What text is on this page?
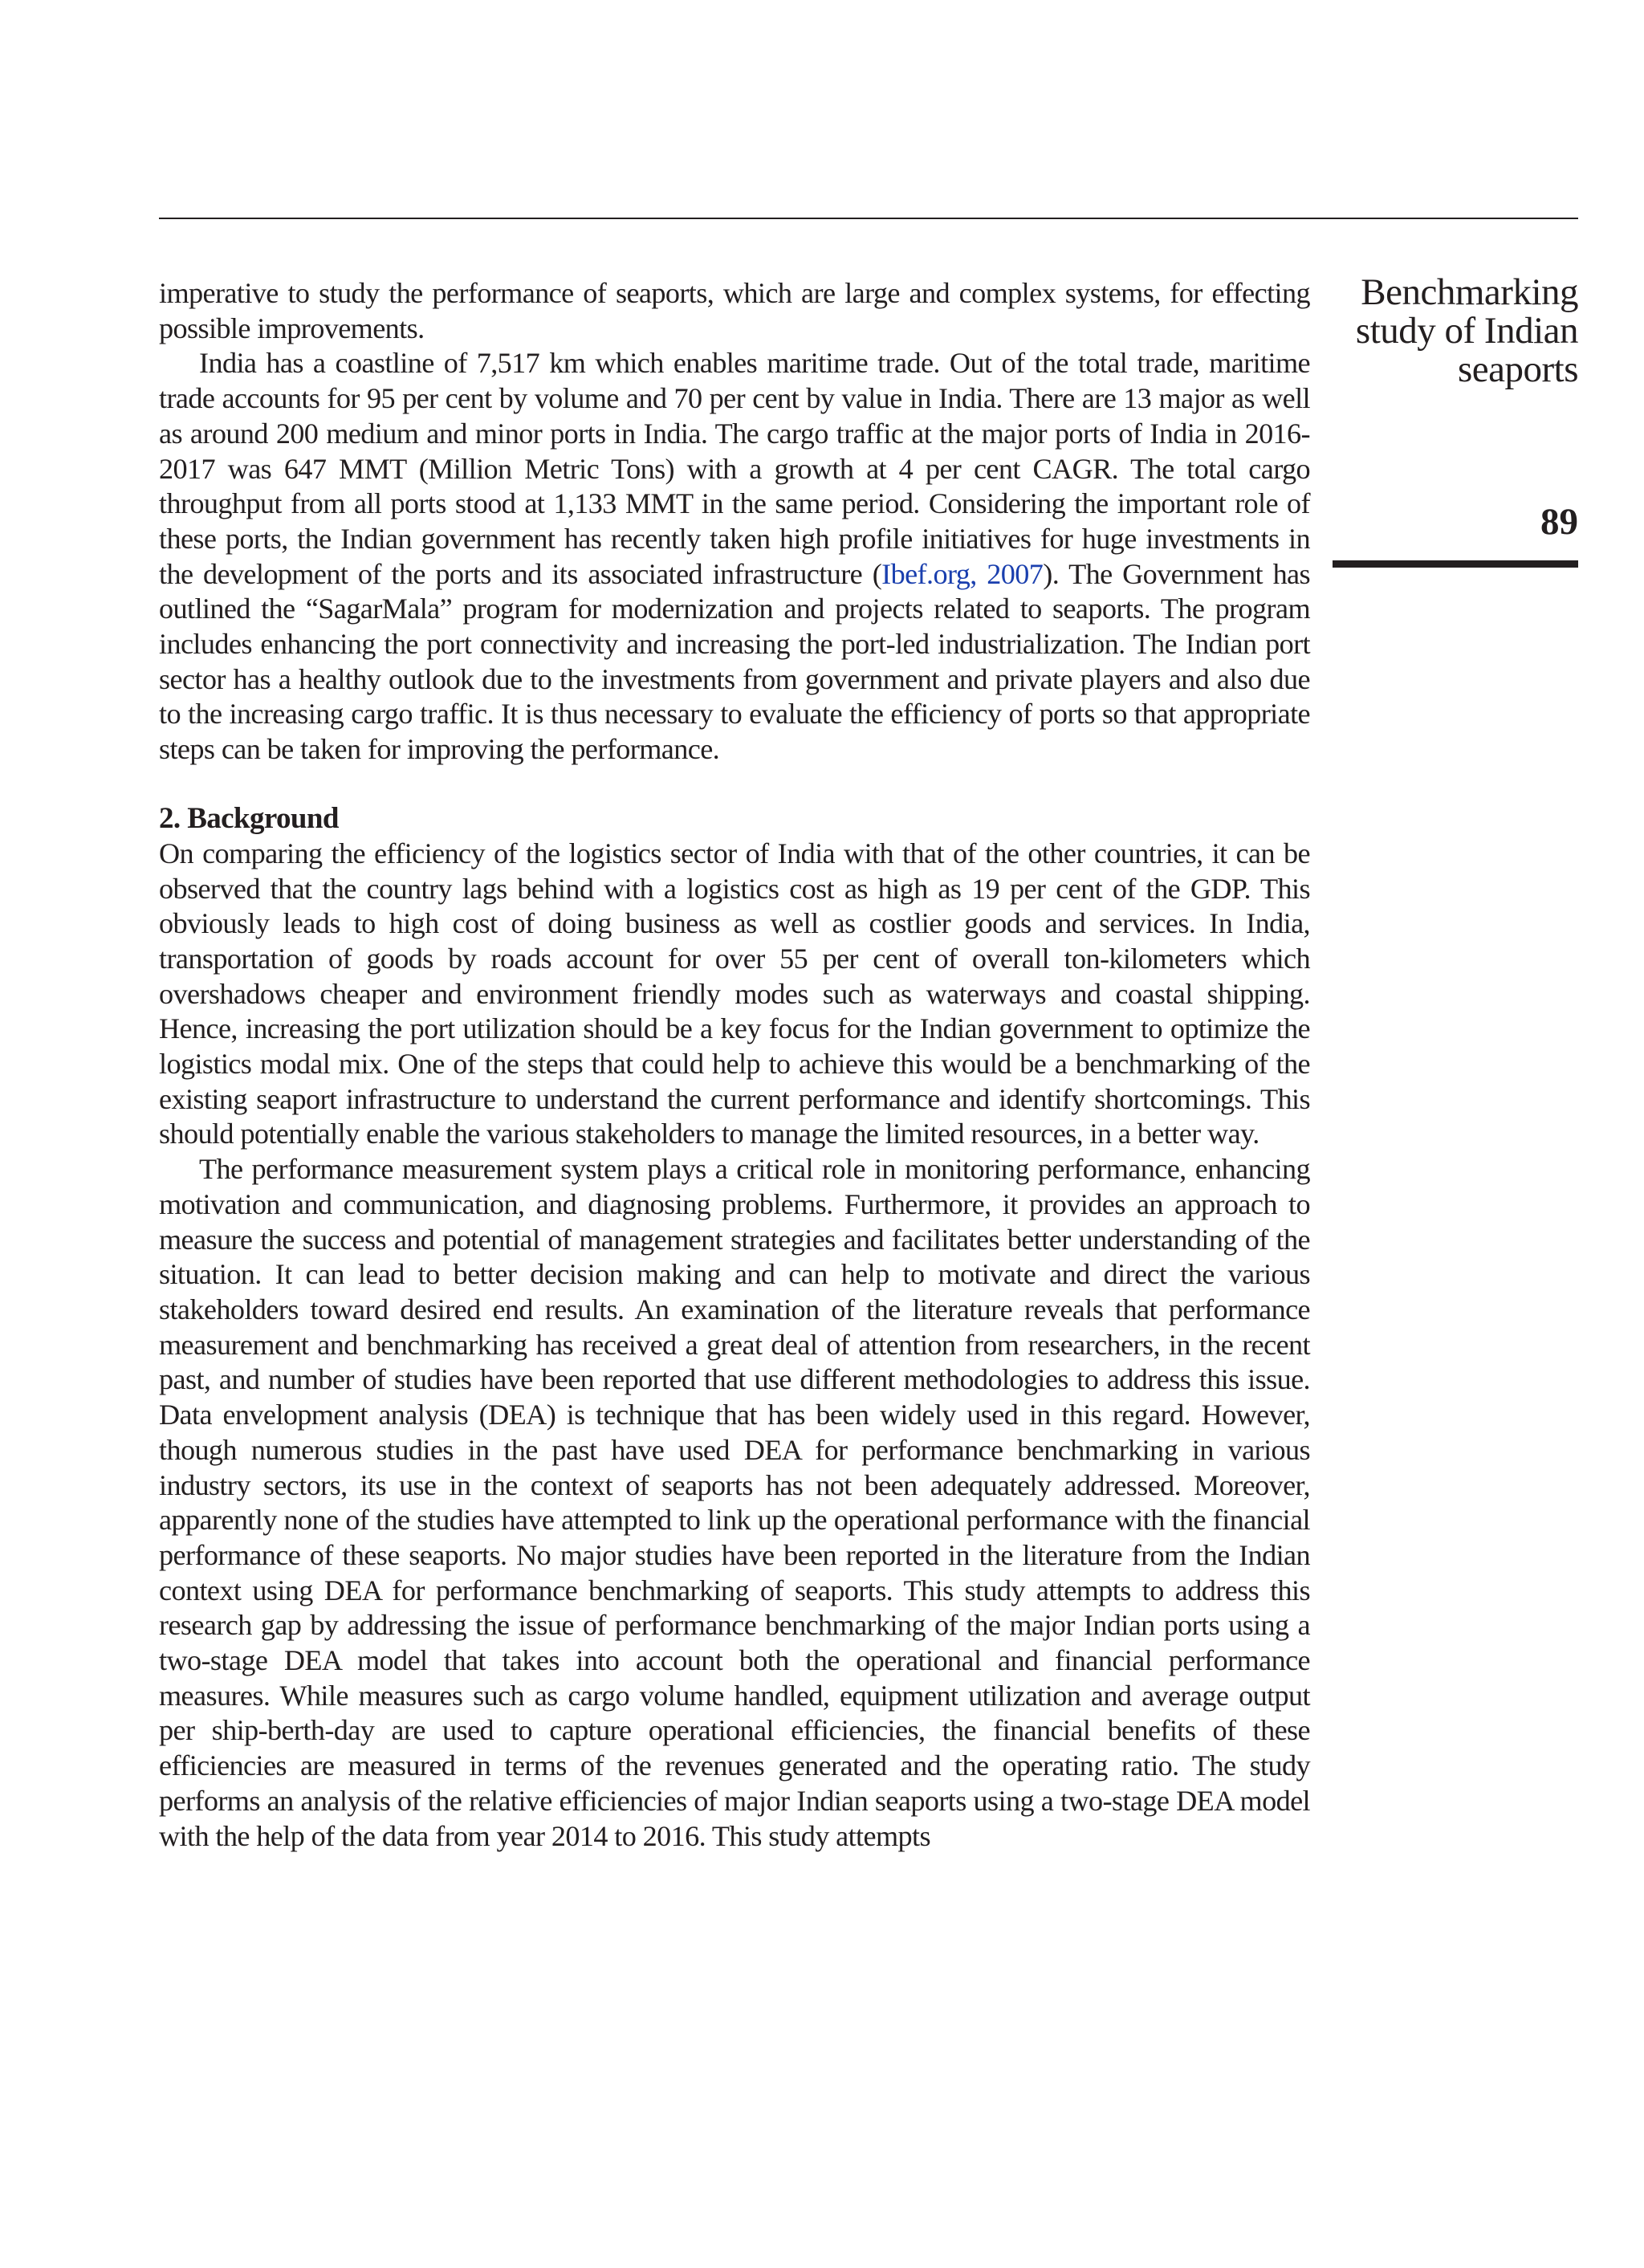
Benchmarking
study of Indian
seaports
89

imperative to study the performance of seaports, which are large and complex systems, for effecting possible improvements.

India has a coastline of 7,517 km which enables maritime trade. Out of the total trade, maritime trade accounts for 95 per cent by volume and 70 per cent by value in India. There are 13 major as well as around 200 medium and minor ports in India. The cargo traffic at the major ports of India in 2016-2017 was 647 MMT (Million Metric Tons) with a growth at 4 per cent CAGR. The total cargo throughput from all ports stood at 1,133 MMT in the same period. Considering the important role of these ports, the Indian government has recently taken high profile initiatives for huge investments in the development of the ports and its associated infrastructure (Ibef.org, 2007). The Government has outlined the “SagarMala” program for modernization and projects related to seaports. The program includes enhancing the port connectivity and increasing the port-led industrialization. The Indian port sector has a healthy outlook due to the investments from government and private players and also due to the increasing cargo traffic. It is thus necessary to evaluate the efficiency of ports so that appropriate steps can be taken for improving the performance.

2. Background

On comparing the efficiency of the logistics sector of India with that of the other countries, it can be observed that the country lags behind with a logistics cost as high as 19 per cent of the GDP. This obviously leads to high cost of doing business as well as costlier goods and services. In India, transportation of goods by roads account for over 55 per cent of overall ton-kilometers which overshadows cheaper and environment friendly modes such as waterways and coastal shipping. Hence, increasing the port utilization should be a key focus for the Indian government to optimize the logistics modal mix. One of the steps that could help to achieve this would be a benchmarking of the existing seaport infrastructure to understand the current performance and identify shortcomings. This should potentially enable the various stakeholders to manage the limited resources, in a better way.

The performance measurement system plays a critical role in monitoring performance, enhancing motivation and communication, and diagnosing problems. Furthermore, it provides an approach to measure the success and potential of management strategies and facilitates better understanding of the situation. It can lead to better decision making and can help to motivate and direct the various stakeholders toward desired end results. An examination of the literature reveals that performance measurement and benchmarking has received a great deal of attention from researchers, in the recent past, and number of studies have been reported that use different methodologies to address this issue. Data envelopment analysis (DEA) is technique that has been widely used in this regard. However, though numerous studies in the past have used DEA for performance benchmarking in various industry sectors, its use in the context of seaports has not been adequately addressed. Moreover, apparently none of the studies have attempted to link up the operational performance with the financial performance of these seaports. No major studies have been reported in the literature from the Indian context using DEA for performance benchmarking of seaports. This study attempts to address this research gap by addressing the issue of performance benchmarking of the major Indian ports using a two-stage DEA model that takes into account both the operational and financial performance measures. While measures such as cargo volume handled, equipment utilization and average output per ship-berth-day are used to capture operational efficiencies, the financial benefits of these efficiencies are measured in terms of the revenues generated and the operating ratio. The study performs an analysis of the relative efficiencies of major Indian seaports using a two-stage DEA model with the help of the data from year 2014 to 2016. This study attempts
